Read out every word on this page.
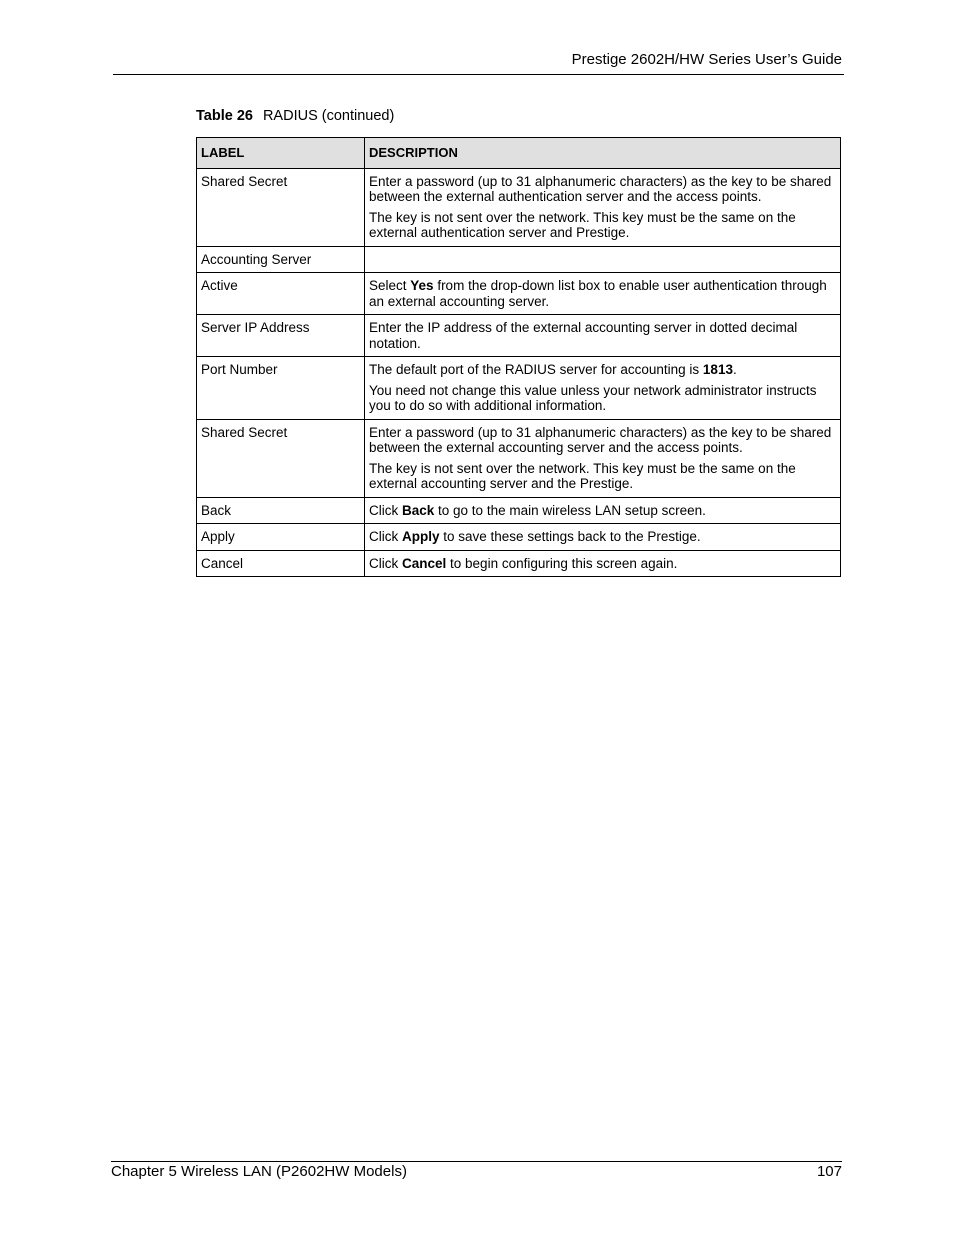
Prestige 2602H/HW Series User’s Guide
Table 26 RADIUS (continued)
LABEL	DESCRIPTION
Shared Secret	Enter a password (up to 31 alphanumeric characters) as the key to be shared between the external authentication server and the access points.

The key is not sent over the network. This key must be the same on the external authentication server and Prestige.

Accounting Server	
Active	Select Yes from the drop-down list box to enable user authentication through an external accounting server.

Server IP Address	Enter the IP address of the external accounting server in dotted decimal notation.

Port Number	The default port of the RADIUS server for accounting is 1813.

You need not change this value unless your network administrator instructs you to do so with additional information.

Shared Secret	Enter a password (up to 31 alphanumeric characters) as the key to be shared between the external accounting server and the access points.

The key is not sent over the network. This key must be the same on the external accounting server and the Prestige.

Back	Click Back to go to the main wireless LAN setup screen.

Apply	Click Apply to save these settings back to the Prestige.

Cancel	Click Cancel to begin configuring this screen again.

Chapter 5 Wireless LAN (P2602HW Models)	107
